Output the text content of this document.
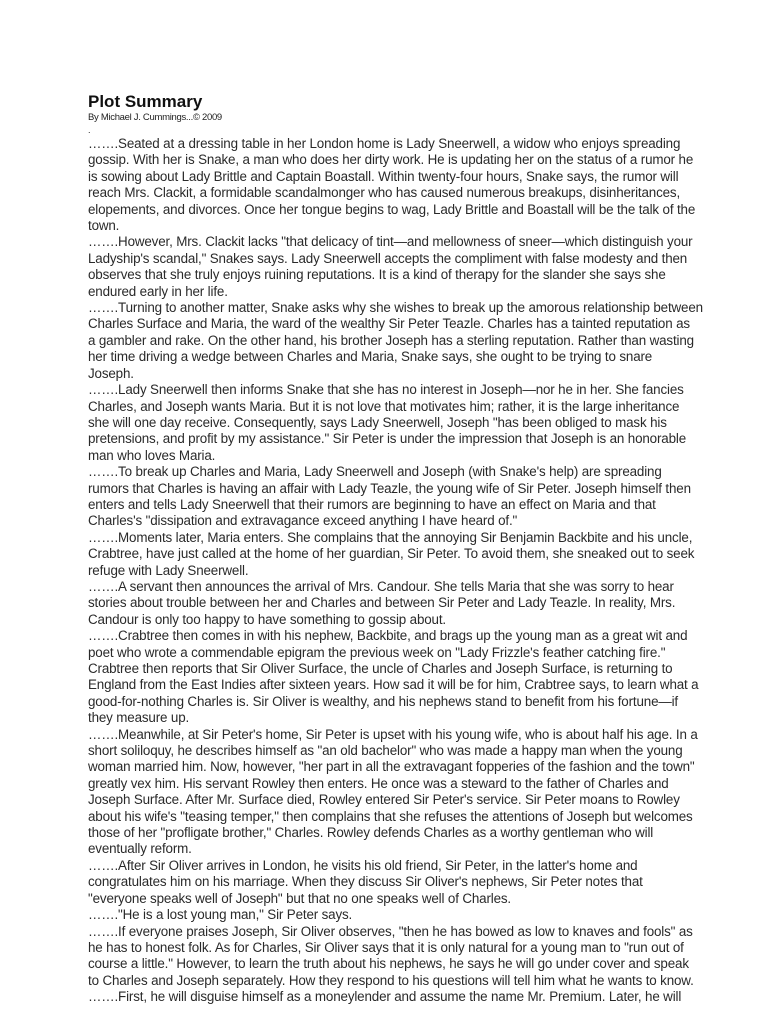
Plot Summary
By Michael J. Cummings...© 2009
.
…….Seated at a dressing table in her London home is Lady Sneerwell, a widow who enjoys spreading
gossip. With her is Snake, a man who does her dirty work. He is updating her on the status of a rumor he
is sowing about Lady Brittle and Captain Boastall. Within twenty-four hours, Snake says, the rumor will
reach Mrs. Clackit, a formidable scandalmonger who has caused numerous breakups, disinheritances,
elopements, and divorces. Once her tongue begins to wag, Lady Brittle and Boastall will be the talk of the
town.
…….However, Mrs. Clackit lacks "that delicacy of tint—and mellowness of sneer—which distinguish your
Ladyship's scandal," Snakes says. Lady Sneerwell accepts the compliment with false modesty and then
observes that she truly enjoys ruining reputations. It is a kind of therapy for the slander she says she
endured early in her life.
…….Turning to another matter, Snake asks why she wishes to break up the amorous relationship between
Charles Surface and Maria, the ward of the wealthy Sir Peter Teazle. Charles has a tainted reputation as
a gambler and rake. On the other hand, his brother Joseph has a sterling reputation. Rather than wasting
her time driving a wedge between Charles and Maria, Snake says, she ought to be trying to snare
Joseph.
…….Lady Sneerwell then informs Snake that she has no interest in Joseph—nor he in her. She fancies
Charles, and Joseph wants Maria. But it is not love that motivates him; rather, it is the large inheritance
she will one day receive. Consequently, says Lady Sneerwell, Joseph "has been obliged to mask his
pretensions, and profit by my assistance." Sir Peter is under the impression that Joseph is an honorable
man who loves Maria.
…….To break up Charles and Maria, Lady Sneerwell and Joseph (with Snake's help) are spreading
rumors that Charles is having an affair with Lady Teazle, the young wife of Sir Peter. Joseph himself then
enters and tells Lady Sneerwell that their rumors are beginning to have an effect on Maria and that
Charles's "dissipation and extravagance exceed anything I have heard of."
…….Moments later, Maria enters. She complains that the annoying Sir Benjamin Backbite and his uncle,
Crabtree, have just called at the home of her guardian, Sir Peter. To avoid them, she sneaked out to seek
refuge with Lady Sneerwell.
…….A servant then announces the arrival of Mrs. Candour. She tells Maria that she was sorry to hear
stories about trouble between her and Charles and between Sir Peter and Lady Teazle. In reality, Mrs.
Candour is only too happy to have something to gossip about.
…….Crabtree then comes in with his nephew, Backbite, and brags up the young man as a great wit and
poet who wrote a commendable epigram the previous week on "Lady Frizzle's feather catching fire."
Crabtree then reports that Sir Oliver Surface, the uncle of Charles and Joseph Surface, is returning to
England from the East Indies after sixteen years. How sad it will be for him, Crabtree says, to learn what a
good-for-nothing Charles is. Sir Oliver is wealthy, and his nephews stand to benefit from his fortune—if
they measure up.
…….Meanwhile, at Sir Peter's home, Sir Peter is upset with his young wife, who is about half his age. In a
short soliloquy, he describes himself as "an old bachelor" who was made a happy man when the young
woman married him. Now, however, "her part in all the extravagant fopperies of the fashion and the town"
greatly vex him. His servant Rowley then enters. He once was a steward to the father of Charles and
Joseph Surface. After Mr. Surface died, Rowley entered Sir Peter's service. Sir Peter moans to Rowley
about his wife's "teasing temper," then complains that she refuses the attentions of Joseph but welcomes
those of her "profligate brother," Charles. Rowley defends Charles as a worthy gentleman who will
eventually reform.
…….After Sir Oliver arrives in London, he visits his old friend, Sir Peter, in the latter's home and
congratulates him on his marriage. When they discuss Sir Oliver's nephews, Sir Peter notes that
"everyone speaks well of Joseph" but that no one speaks well of Charles.
……."He is a lost young man," Sir Peter says.
…….If everyone praises Joseph, Sir Oliver observes, "then he has bowed as low to knaves and fools" as
he has to honest folk. As for Charles, Sir Oliver says that it is only natural for a young man to "run out of
course a little." However, to learn the truth about his nephews, he says he will go under cover and speak
to Charles and Joseph separately. How they respond to his questions will tell him what he wants to know.
…….First, he will disguise himself as a moneylender and assume the name Mr. Premium. Later, he will
